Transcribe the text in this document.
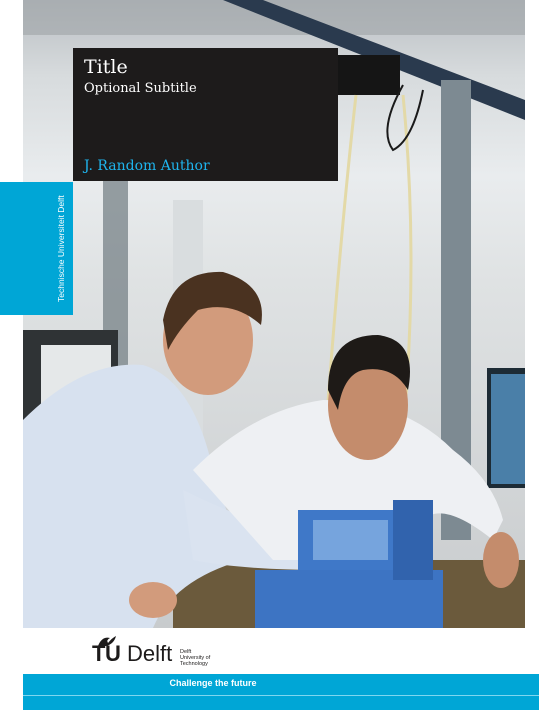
Title
Optional Subtitle
J. Random Author
Technische Universiteit Delft
TU Delft Delft
University of
Technology
Challenge the future
